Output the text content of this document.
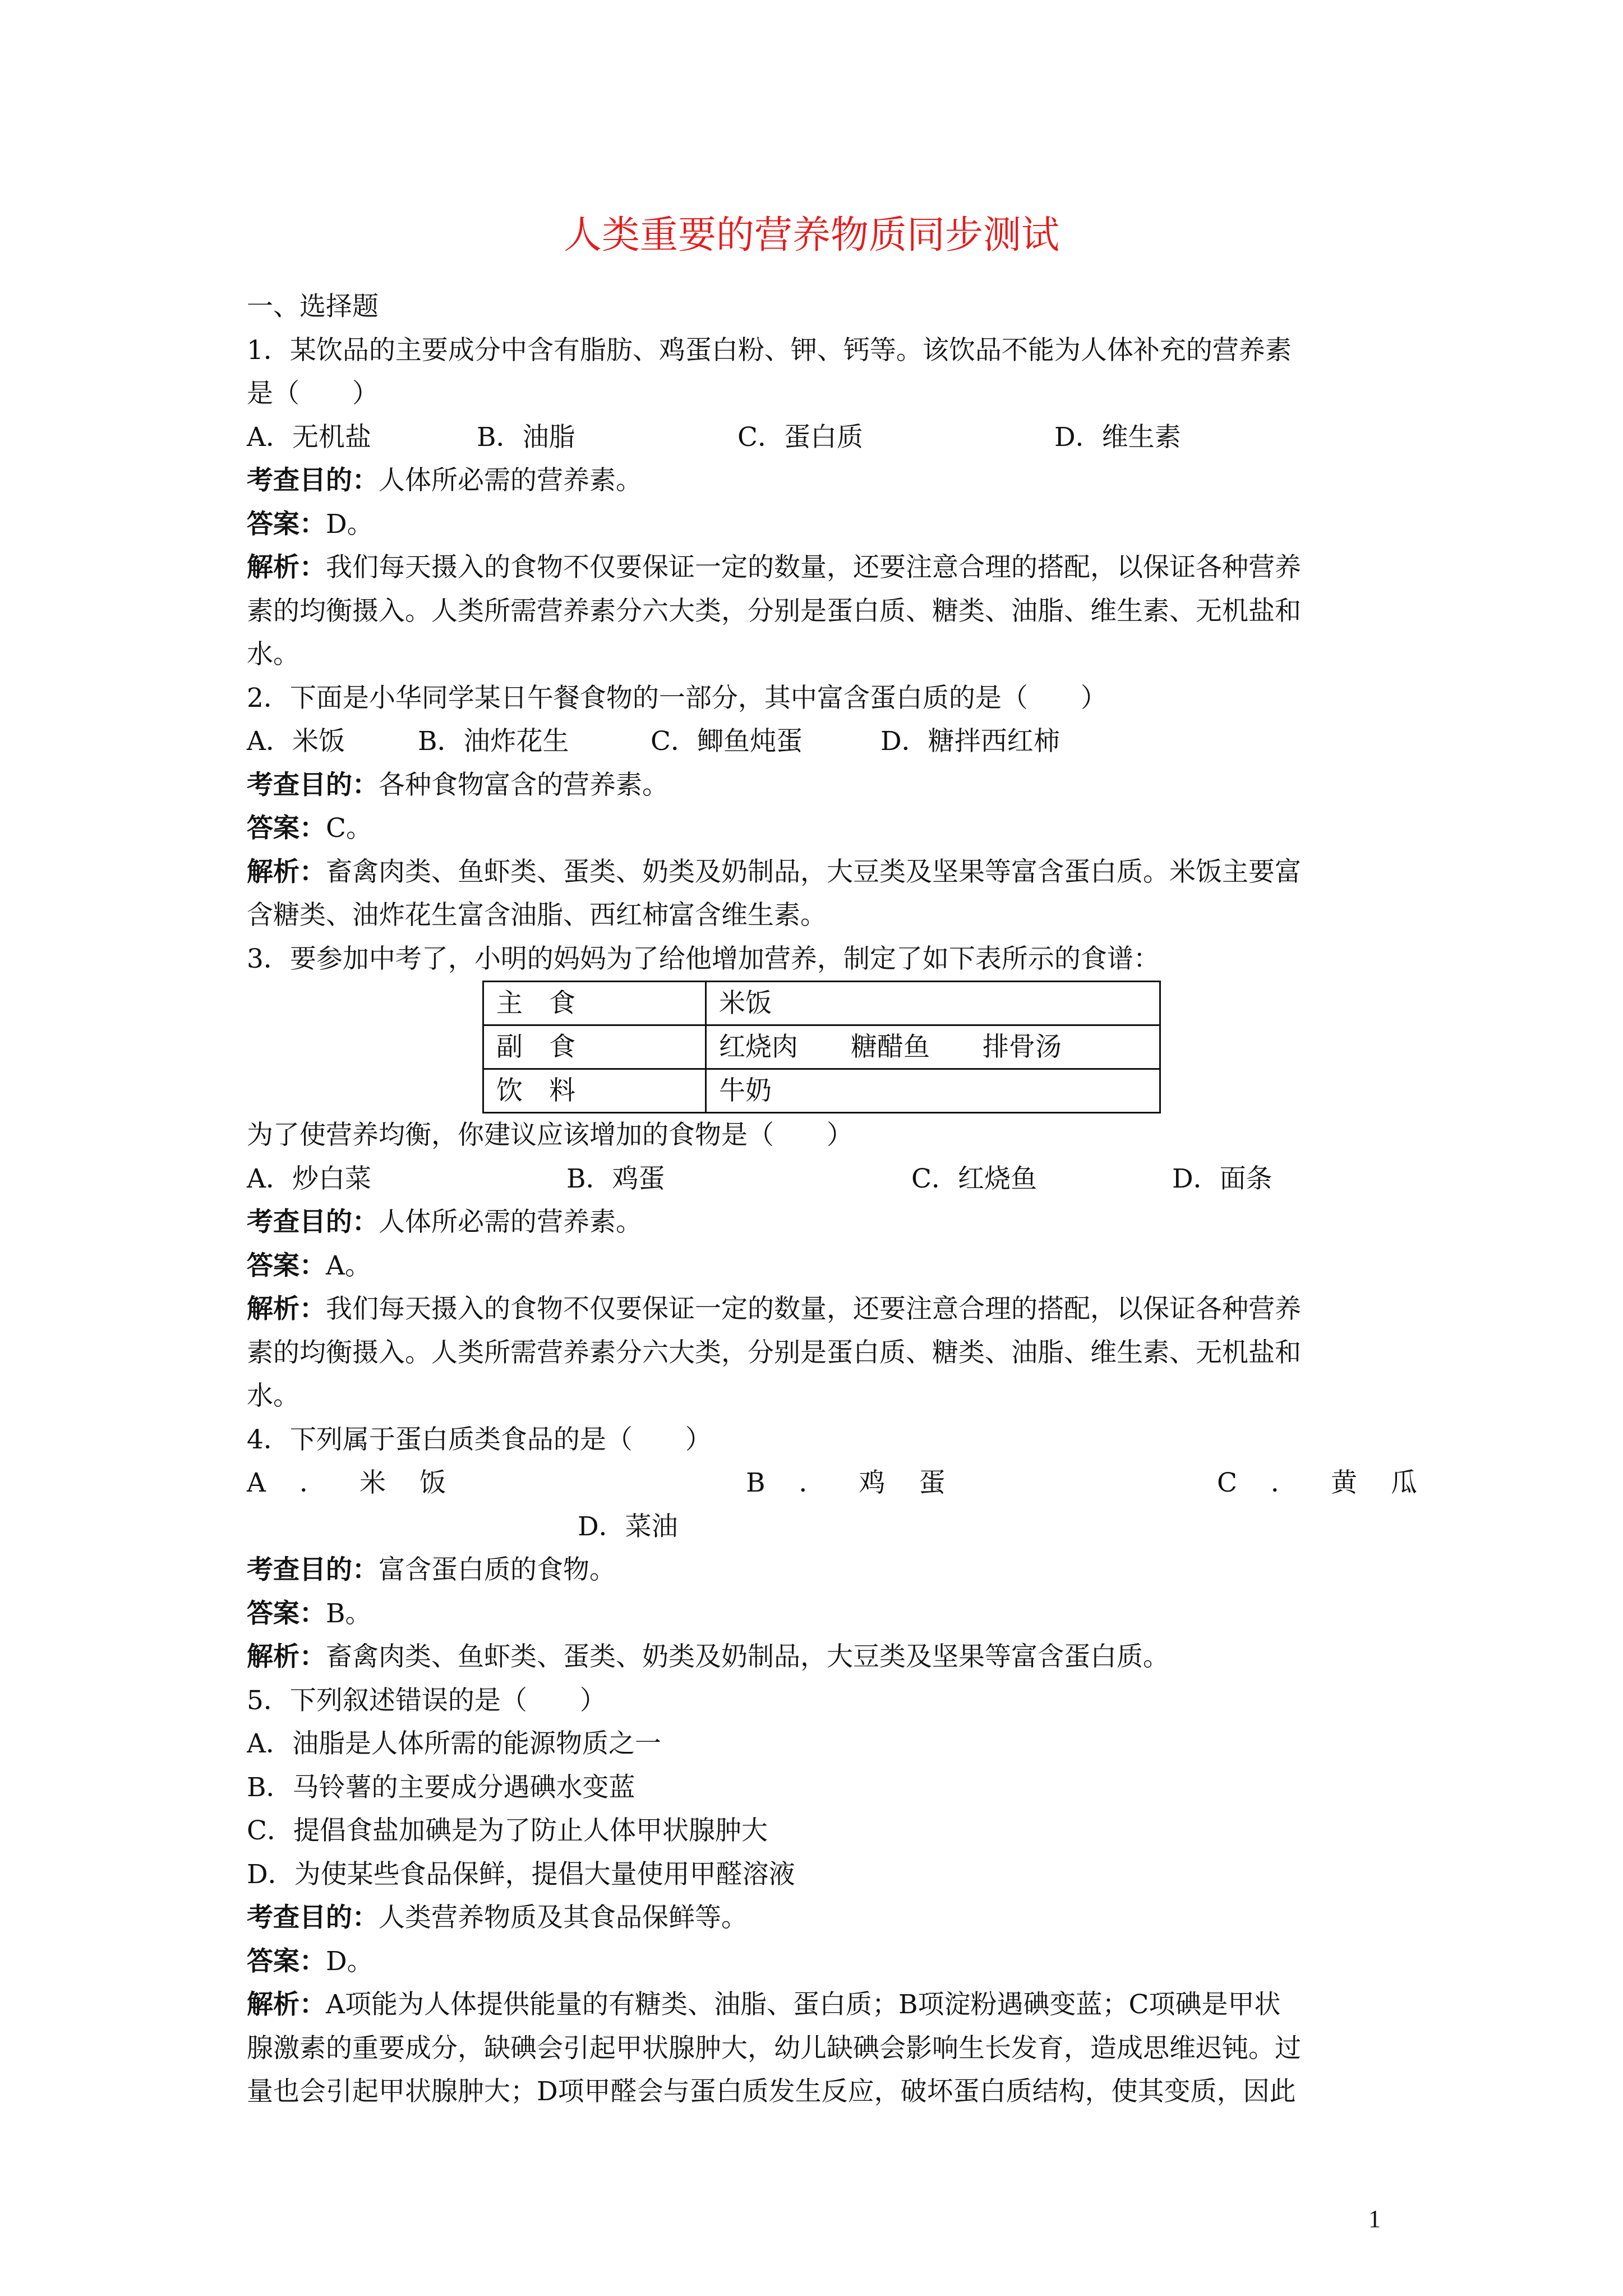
人类重要的营养物质同步测试
一、选择题
1．某饮品的主要成分中含有脂肪、鸡蛋白粉、钾、钙等。该饮品不能为人体补充的营养素
是（　　）
A．无机盐	B．油脂	C．蛋白质	D．维生素
考查目的：人体所必需的营养素。
答案：D。
解析：我们每天摄入的食物不仅要保证一定的数量，还要注意合理的搭配，以保证各种营养
素的均衡摄入。人类所需营养素分六大类，分别是蛋白质、糖类、油脂、维生素、无机盐和
水。
2．下面是小华同学某日午餐食物的一部分，其中富含蛋白质的是（　　）
A．米饭	B．油炸花生	C．鲫鱼炖蛋	D．糖拌西红柿
考查目的：各种食物富含的营养素。
答案：C。
解析：畜禽肉类、鱼虾类、蛋类、奶类及奶制品，大豆类及坚果等富含蛋白质。米饭主要富
含糖类、油炸花生富含油脂、西红柿富含维生素。
3．要参加中考了，小明的妈妈为了给他增加营养，制定了如下表所示的食谱：
主　食	米饭
副　食	红烧肉　　糖醋鱼　　排骨汤
饮　料	牛奶
为了使营养均衡，你建议应该增加的食物是（　　）
A．炒白菜	B．鸡蛋	C．红烧鱼	D．面条
考查目的：人体所必需的营养素。
答案：A。
解析：我们每天摄入的食物不仅要保证一定的数量，还要注意合理的搭配，以保证各种营养
素的均衡摄入。人类所需营养素分六大类，分别是蛋白质、糖类、油脂、维生素、无机盐和
水。
4．下列属于蛋白质类食品的是（　　）
A．米饭	B．鸡蛋	C．黄瓜
D．菜油
考查目的：富含蛋白质的食物。
答案：B。
解析：畜禽肉类、鱼虾类、蛋类、奶类及奶制品，大豆类及坚果等富含蛋白质。
5．下列叙述错误的是（　　）
A．油脂是人体所需的能源物质之一
B．马铃薯的主要成分遇碘水变蓝
C．提倡食盐加碘是为了防止人体甲状腺肿大
D．为使某些食品保鲜，提倡大量使用甲醛溶液
考查目的：人类营养物质及其食品保鲜等。
答案：D。
解析：A项能为人体提供能量的有糖类、油脂、蛋白质；B项淀粉遇碘变蓝；C项碘是甲状
腺激素的重要成分，缺碘会引起甲状腺肿大，幼儿缺碘会影响生长发育，造成思维迟钝。过
量也会引起甲状腺肿大；D项甲醛会与蛋白质发生反应，破坏蛋白质结构，使其变质，因此
1
